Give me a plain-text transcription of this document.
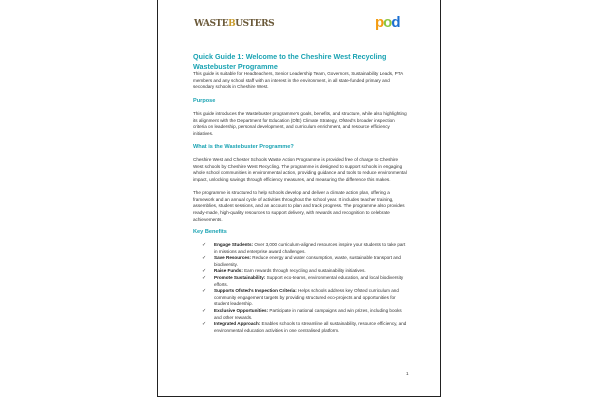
WASTEBUSTERS	pod
Quick Guide 1: Welcome to the Cheshire West Recycling Wastebuster Programme

This guide is suitable for Headteachers, Senior Leadership Team, Governors, Sustainability Leads, PTA members and any school staff with an interest in the environment, in all state-funded primary and secondary schools in Cheshire West.

Purpose

This guide introduces the Wastebuster programme's goals, benefits, and structure, while also highlighting its alignment with the Department for Education (DfE) Climate Strategy, Ofsted's broader inspection criteria on leadership, personal development, and curriculum enrichment, and resource efficiency initiatives.

What is the Wastebuster Programme?

Cheshire West and Chester Schools Waste Action Programme is provided free of charge to Cheshire West schools by Cheshire West Recycling. The programme is designed to support schools in engaging whole school communities in environmental action, providing guidance and tools to reduce environmental impact, unlocking savings through efficiency measures, and measuring the difference this makes.

The programme is structured to help schools develop and deliver a climate action plan, offering a framework and an annual cycle of activities throughout the school year. It includes teacher training, assemblies, student sessions, and an account to plan and track progress. The programme also provides ready-made, high-quality resources to support delivery, with rewards and recognition to celebrate achievements.

Key Benefits
✓ Engage Students: Over 3,000 curriculum-aligned resources inspire your students to take part in missions and enterprise award challenges.
✓ Save Resources: Reduce energy and water consumption, waste, sustainable transport and biodiversity.
✓ Raise Funds: Earn rewards through recycling and sustainability initiatives.
✓ Promote Sustainability: Support eco-teams, environmental education, and local biodiversity efforts.
✓ Supports Ofsted's Inspection Criteria: Helps schools address key Ofsted curriculum and community engagement targets by providing structured eco-projects and opportunities for student leadership.
✓ Exclusive Opportunities: Participate in national campaigns and win prizes, including books and other rewards.
✓ Integrated Approach: Enables schools to streamline all sustainability, resource efficiency, and environmental education activities in one centralised platform.
1
